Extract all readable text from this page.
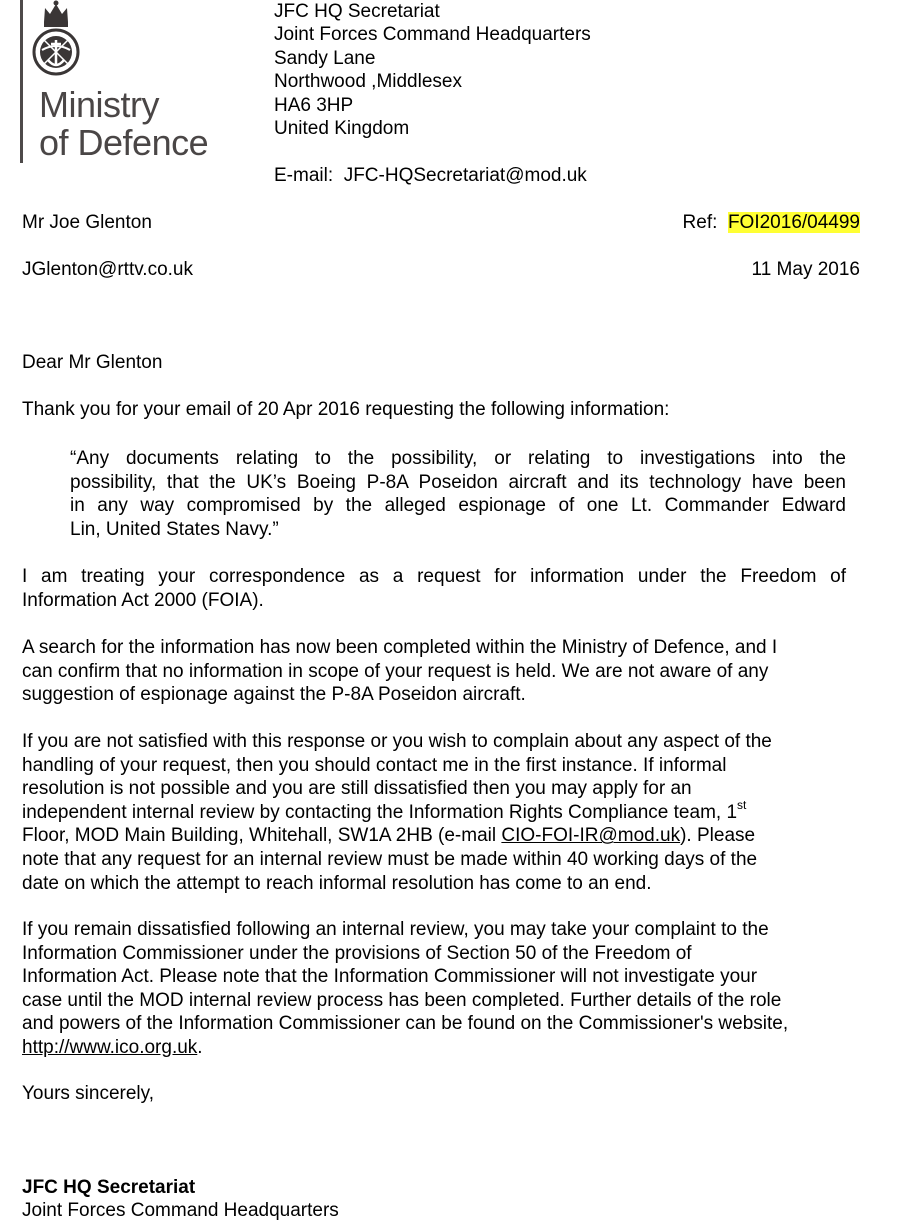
Ministry
of Defence
JFC HQ Secretariat
Joint Forces Command Headquarters
Sandy Lane
Northwood ,Middlesex
HA6 3HP
United Kingdom
E-mail: JFC-HQSecretariat@mod.uk
Mr Joe Glenton
JGlenton@rttv.co.uk
Ref: FOI2016/04499
11 May 2016
Dear Mr Glenton
Thank you for your email of 20 Apr 2016 requesting the following information:
“Any documents relating to the possibility, or relating to investigations into the
possibility, that the UK’s Boeing P-8A Poseidon aircraft and its technology have been
in any way compromised by the alleged espionage of one Lt. Commander Edward
Lin, United States Navy.”
I am treating your correspondence as a request for information under the Freedom of
Information Act 2000 (FOIA).
A search for the information has now been completed within the Ministry of Defence, and I
can confirm that no information in scope of your request is held. We are not aware of any
suggestion of espionage against the P-8A Poseidon aircraft.
If you are not satisfied with this response or you wish to complain about any aspect of the
handling of your request, then you should contact me in the first instance. If informal
resolution is not possible and you are still dissatisfied then you may apply for an
independent internal review by contacting the Information Rights Compliance team, 1st
Floor, MOD Main Building, Whitehall, SW1A 2HB (e-mail CIO-FOI-IR@mod.uk). Please
note that any request for an internal review must be made within 40 working days of the
date on which the attempt to reach informal resolution has come to an end.
If you remain dissatisfied following an internal review, you may take your complaint to the
Information Commissioner under the provisions of Section 50 of the Freedom of
Information Act. Please note that the Information Commissioner will not investigate your
case until the MOD internal review process has been completed. Further details of the role
and powers of the Information Commissioner can be found on the Commissioner's website,
http://www.ico.org.uk.
Yours sincerely,
JFC HQ Secretariat
Joint Forces Command Headquarters
